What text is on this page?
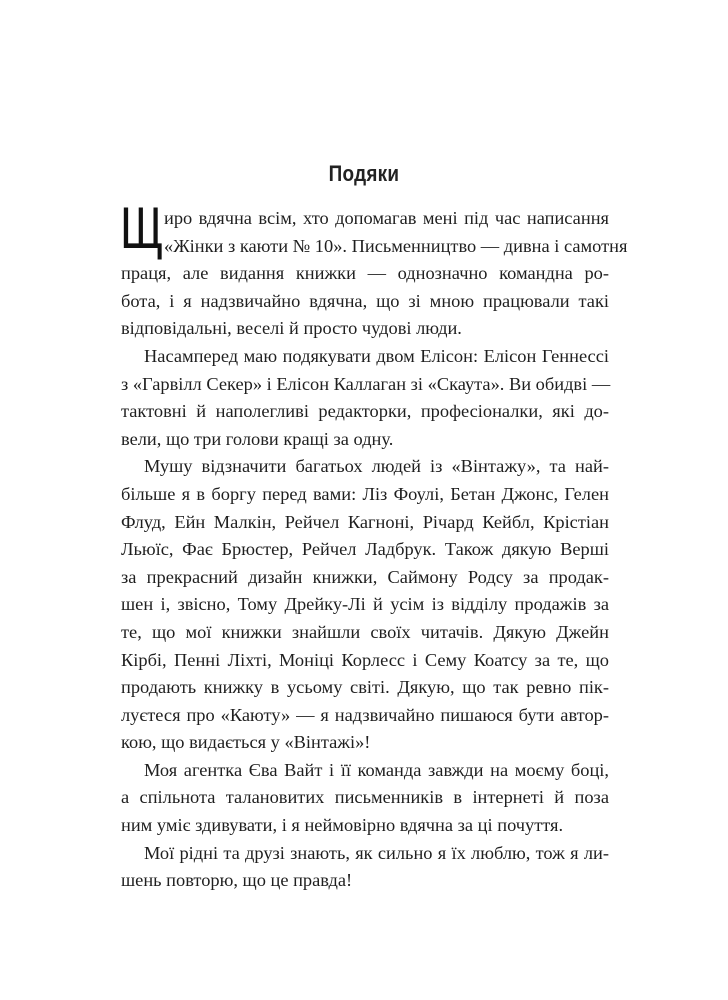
Подяки
Щ иро вдячна всім, хто допомагав мені під час написання
«Жінки з каюти № 10». Письменництво — дивна і самотня
праця, але видання книжки — однозначно командна ро-
бота, і я надзвичайно вдячна, що зі мною працювали такі
відповідальні, веселі й просто чудові люди.
Насамперед маю подякувати двом Елісон: Елісон Геннессі
з «Гарвілл Секер» і Елісон Каллаган зі «Скаута». Ви обидві —
тактовні й наполегливі редакторки, професіоналки, які до-
вели, що три голови кращі за одну.
Мушу відзначити багатьох людей із «Вінтажу», та най-
більше я в боргу перед вами: Ліз Фоулі, Бетан Джонс, Гелен
Флуд, Ейн Малкін, Рейчел Кагноні, Річард Кейбл, Крістіан
Льюїс, Фає Брюстер, Рейчел Ладбрук. Також дякую Верші
за прекрасний дизайн книжки, Саймону Родсу за продак-
шен і, звісно, Тому Дрейку-Лі й усім із відділу продажів за
те, що мої книжки знайшли своїх читачів. Дякую Джейн
Кірбі, Пенні Ліхті, Моніці Корлесс і Сему Коатсу за те, що
продають книжку в усьому світі. Дякую, що так ревно пік-
луєтеся про «Каюту» — я надзвичайно пишаюся бути автор-
кою, що видається у «Вінтажі»!
Моя агентка Єва Вайт і її команда завжди на моєму боці,
а спільнота талановитих письменників в інтернеті й поза
ним уміє здивувати, і я неймовірно вдячна за ці почуття.
Мої рідні та друзі знають, як сильно я їх люблю, тож я ли-
шень повторю, що це правда!
